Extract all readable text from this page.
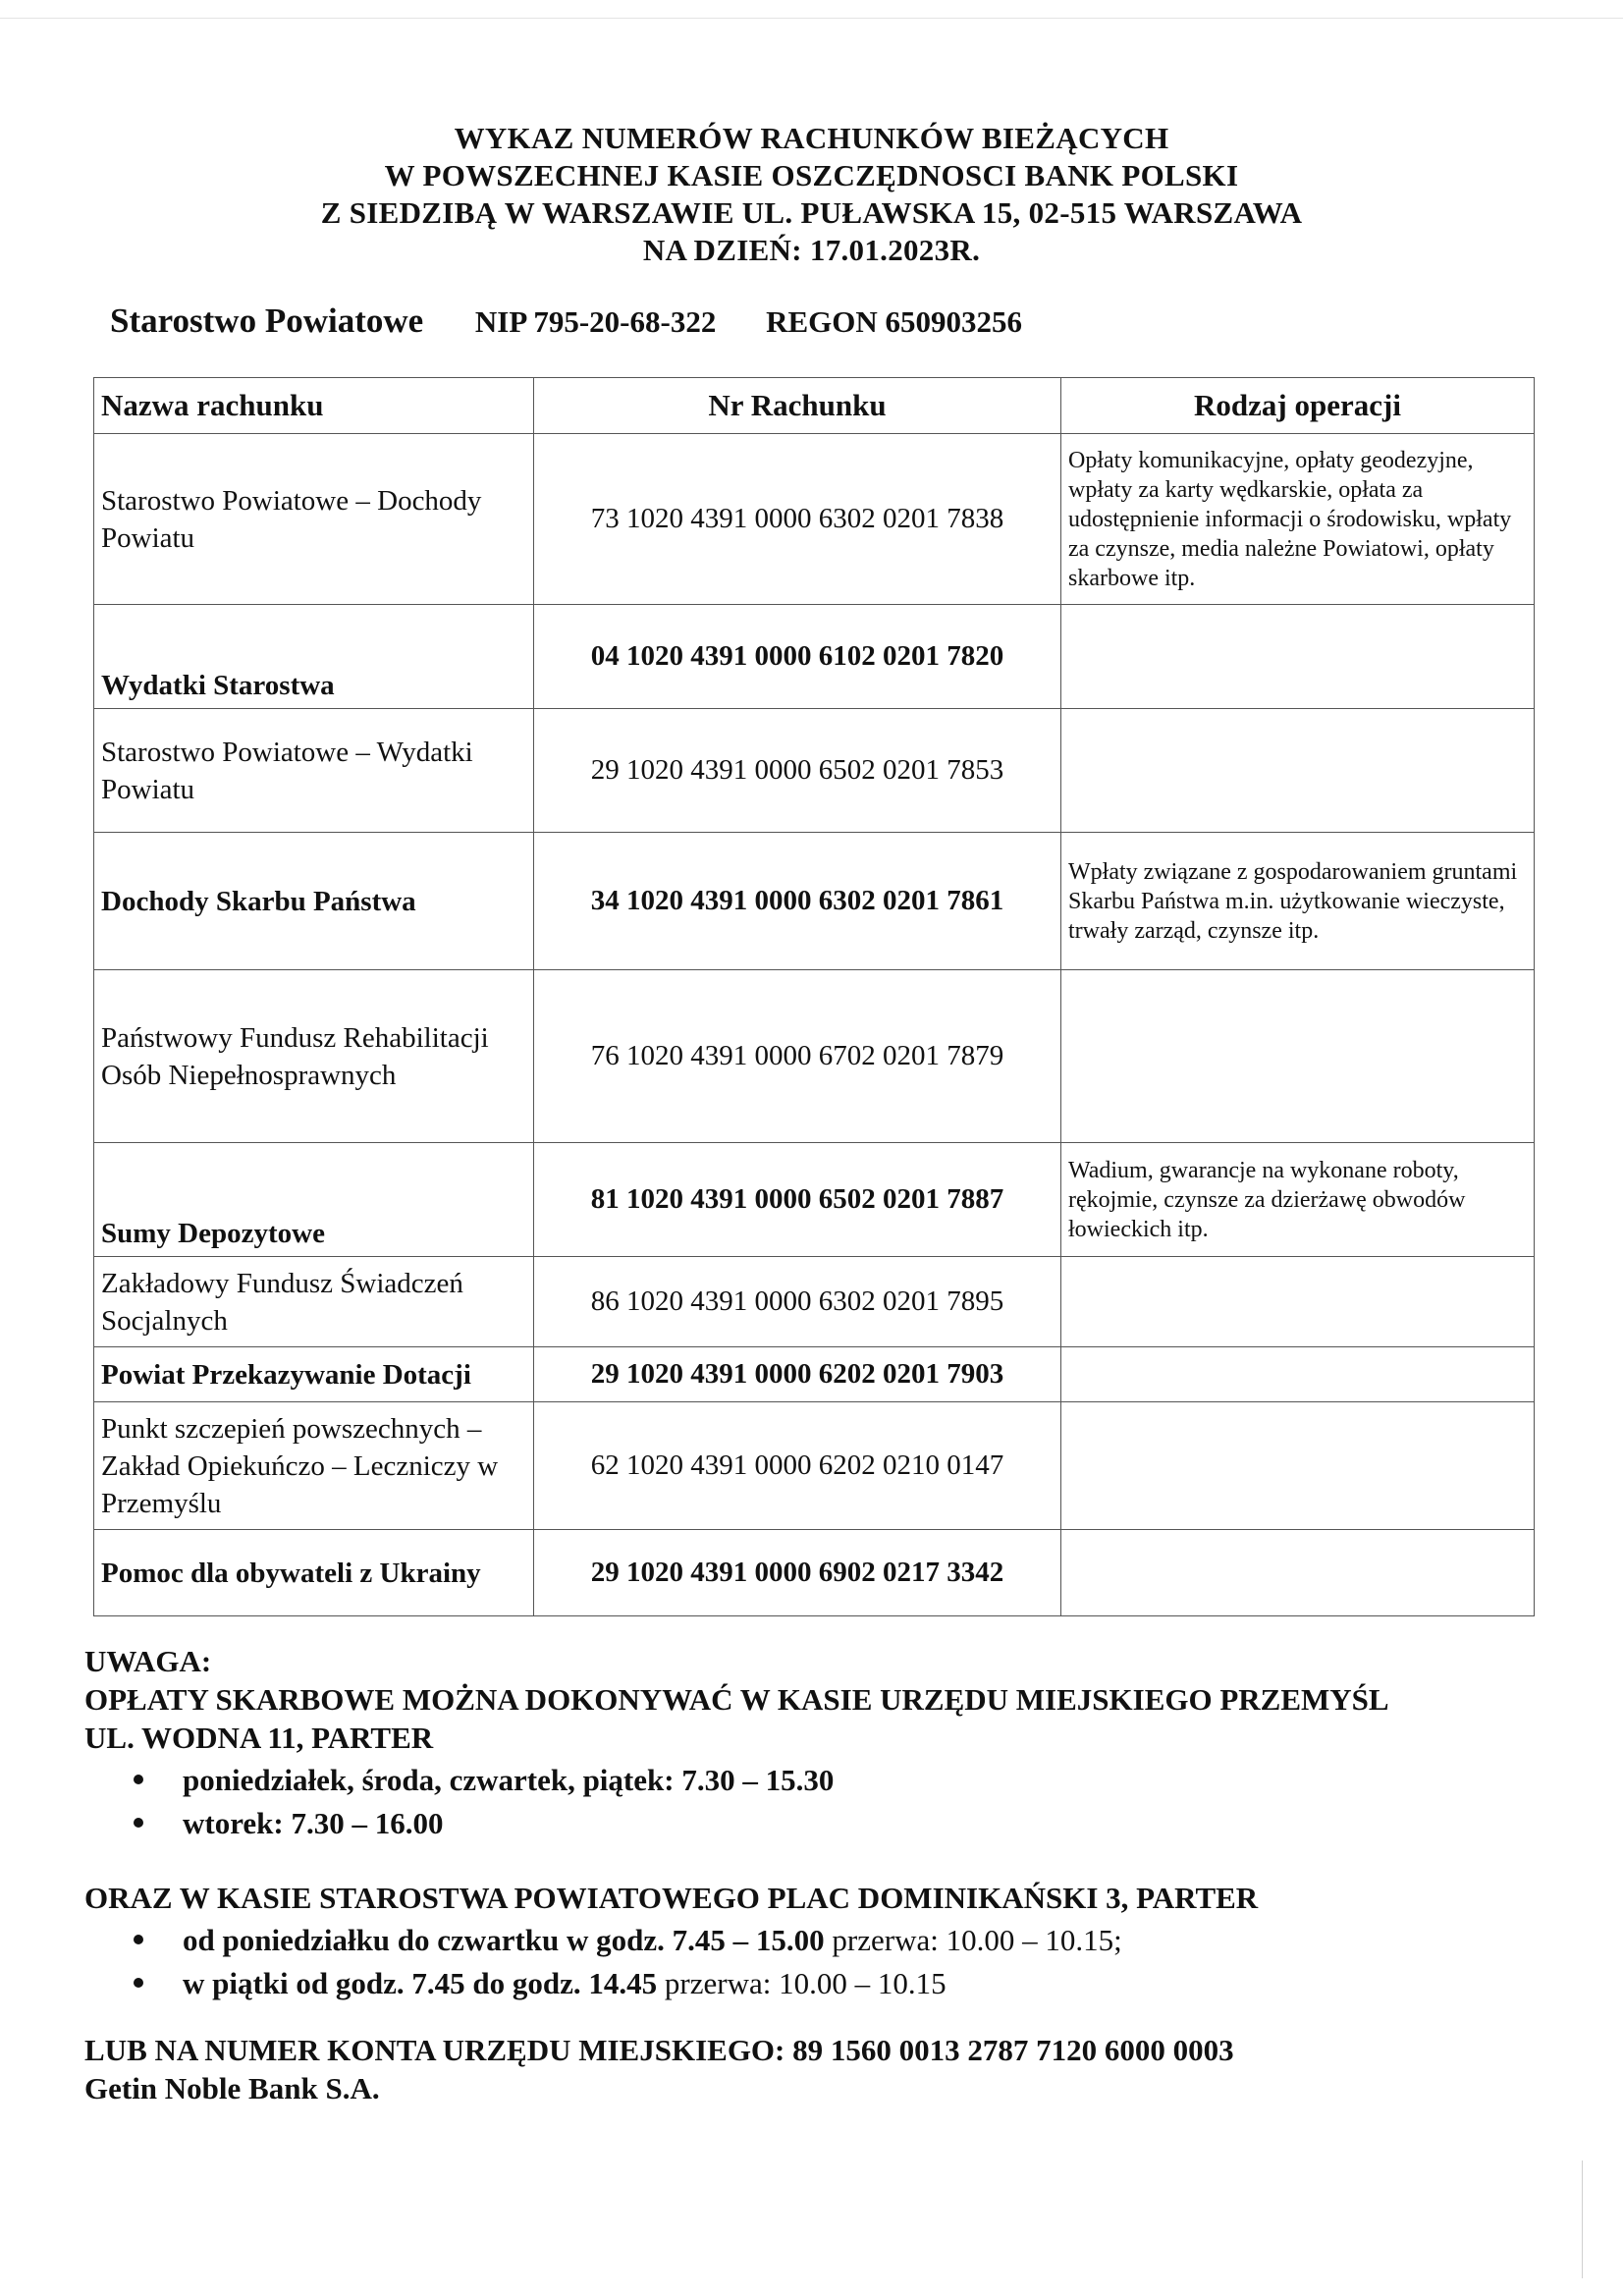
WYKAZ NUMERÓW RACHUNKÓW BIEŻĄCYCH
W POWSZECHNEJ KASIE OSZCZĘDNOSCI BANK POLSKI
Z SIEDZIBĄ W WARSZAWIE UL. PUŁAWSKA 15, 02-515 WARSZAWA
NA DZIEŃ: 17.01.2023R.
Starostwo Powiatowe NIP 795-20-68-322 REGON 650903256
Nazwa rachunku	Nr Rachunku	Rodzaj operacji
Starostwo Powiatowe – Dochody Powiatu	73 1020 4391 0000 6302 0201 7838	Opłaty komunikacyjne, opłaty geodezyjne, wpłaty za karty wędkarskie, opłata za udostępnienie informacji o środowisku, wpłaty za czynsze, media należne Powiatowi, opłaty skarbowe itp.
Wydatki Starostwa	04 1020 4391 0000 6102 0201 7820	
Starostwo Powiatowe – Wydatki Powiatu	29 1020 4391 0000 6502 0201 7853	
Dochody Skarbu Państwa	34 1020 4391 0000 6302 0201 7861	Wpłaty związane z gospodarowaniem gruntami Skarbu Państwa m.in. użytkowanie wieczyste, trwały zarząd, czynsze itp.
Państwowy Fundusz Rehabilitacji Osób Niepełnosprawnych	76 1020 4391 0000 6702 0201 7879	
Sumy Depozytowe	81 1020 4391 0000 6502 0201 7887	Wadium, gwarancje na wykonane roboty, rękojmie, czynsze za dzierżawę obwodów łowieckich itp.
Zakładowy Fundusz Świadczeń Socjalnych	86 1020 4391 0000 6302 0201 7895	
Powiat Przekazywanie Dotacji	29 1020 4391 0000 6202 0201 7903	
Punkt szczepień powszechnych – Zakład Opiekuńczo – Leczniczy w Przemyślu	62 1020 4391 0000 6202 0210 0147	
Pomoc dla obywateli z Ukrainy	29 1020 4391 0000 6902 0217 3342	

UWAGA:

OPŁATY SKARBOWE MOŻNA DOKONYWAĆ W KASIE URZĘDU MIEJSKIEGO PRZEMYŚL

UL. WODNA 11, PARTER

poniedziałek, środa, czwartek, piątek: 7.30 – 15.30
wtorek: 7.30 – 16.00

ORAZ W KASIE STAROSTWA POWIATOWEGO PLAC DOMINIKAŃSKI 3, PARTER

od poniedziałku do czwartku w godz. 7.45 – 15.00 przerwa: 10.00 – 10.15;
w piątki od godz. 7.45 do godz. 14.45 przerwa: 10.00 – 10.15

LUB NA NUMER KONTA URZĘDU MIEJSKIEGO: 89 1560 0013 2787 7120 6000 0003

Getin Noble Bank S.A.
